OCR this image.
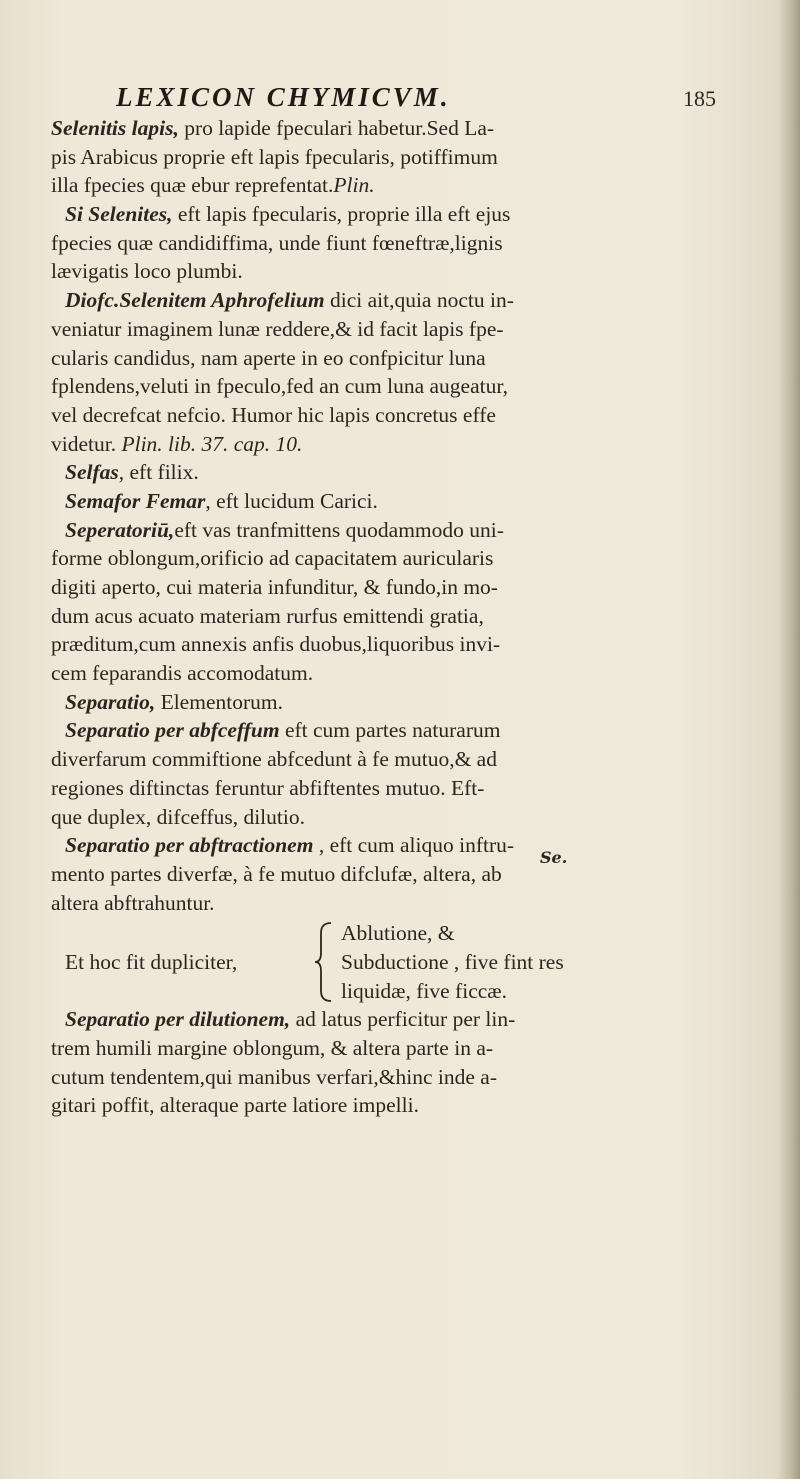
LEXICON CHYMICVM.	185
Selenitis lapis, pro lapide fpeculari habetur.Sed La-
pis Arabicus proprie eft lapis fpecularis, potiffimum
illa fpecies quæ ebur reprefentat.Plin.
Si Selenites, eft lapis fpecularis, proprie illa eft ejus
fpecies quæ candidiffima, unde fiunt fœneftræ,lignis
lævigatis loco plumbi.
Diofc.Selenitem Aphrofelium dici ait,quia noctu in-
veniatur imaginem lunæ reddere,& id facit lapis fpe-
cularis candidus, nam aperte in eo confpicitur luna
fplendens,veluti in fpeculo,fed an cum luna augeatur,
vel decrefcat nefcio. Humor hic lapis concretus effe
videtur. Plin. lib. 37. cap. 10.
Selfas, eft filix.
Semafor Femar, eft lucidum Carici.
Seperatoriū,eft vas tranfmittens quodammodo uni-
forme oblongum,orificio ad capacitatem auricularis
digiti aperto, cui materia infunditur, & fundo,in mo-
dum acus acuato materiam rurfus emittendi gratia,
præditum,cum annexis anfis duobus,liquoribus invi-
cem feparandis accomodatum.
Separatio, Elementorum.
Separatio per abfceffum eft cum partes naturarum
diverfarum commiftione abfcedunt à fe mutuo,& ad
regiones diftinctas feruntur abfiftentes mutuo. Eft-
que duplex, difceffus, dilutio.
Separatio per abftractionem , eft cum aliquo inftru-
mento partes diverfæ, à fe mutuo difclufæ, altera, ab
altera abftrahuntur.
Et hoc fit dupliciter,
Ablutione, &
Subductione , five fint res
liquidæ, five ficcæ.
Separatio per dilutionem, ad latus perficitur per lin-
trem humili margine oblongum, & altera parte in a-
cutum tendentem,qui manibus verfari,&hinc inde a-
gitari poffit, alteraque parte latiore impelli.
Se.
